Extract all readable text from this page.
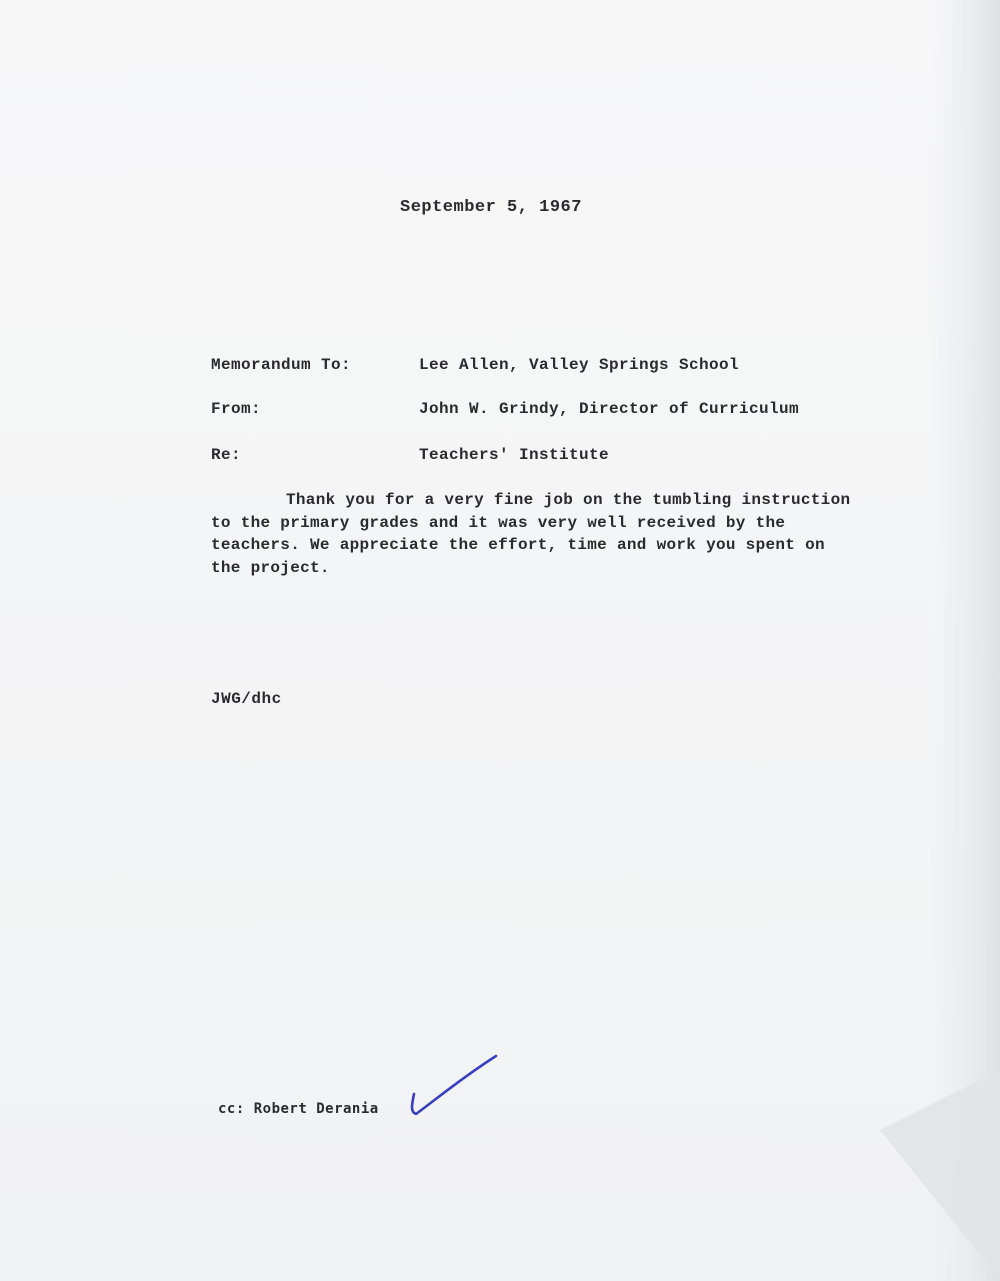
September 5, 1967
Memorandum To:	Lee Allen, Valley Springs School
From:	John W. Grindy, Director of Curriculum
Re:	Teachers' Institute
Thank you for a very fine job on the tumbling instruction to the primary grades and it was very well received by the teachers. We appreciate the effort, time and work you spent on the project.
JWG/dhc
cc: Robert Derania
